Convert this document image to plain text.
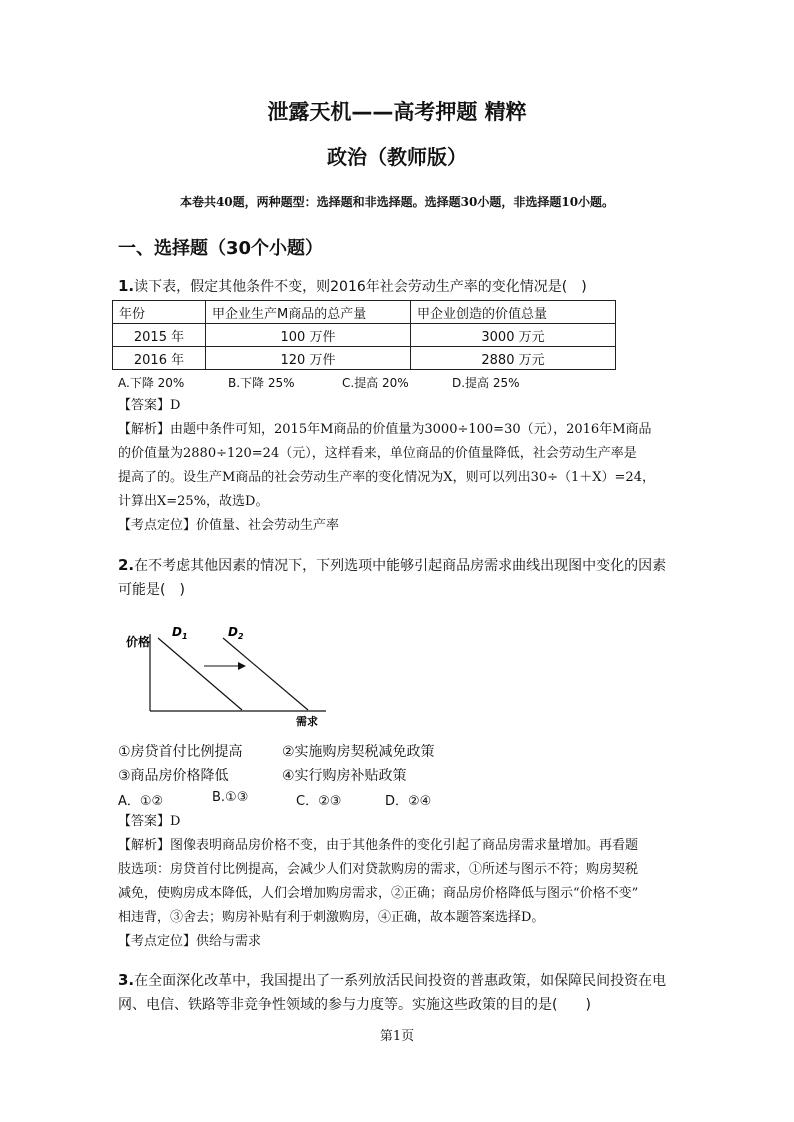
泄露天机——高考押题 精粹
政治（教师版）
本卷共40题，两种题型：选择题和非选择题。选择题30小题，非选择题10小题。
一、选择题（30个小题）
1.读下表，假定其他条件不变，则2016年社会劳动生产率的变化情况是(　)
年份	甲企业生产M商品的总产量	甲企业创造的价值总量
2015 年	100 万件	3000 万元
2016 年	120 万件	2880 万元
A.下降 20%	B.下降 25%	C.提高 20%	D.提高 25%
【答案】D
【解析】由题中条件可知，2015年M商品的价值量为3000÷100=30（元），2016年M商品
的价值量为2880÷120=24（元），这样看来，单位商品的价值量降低，社会劳动生产率是
提高了的。设生产M商品的社会劳动生产率的变化情况为X，则可以列出30÷（1＋X）=24，
计算出X=25%，故选D。
【考点定位】价值量、社会劳动生产率
2.在不考虑其他因素的情况下，下列选项中能够引起商品房需求曲线出现图中变化的因素
可能是(　)
价格
需求
$D_1$	$D_2$
①房贷首付比例提高	②实施购房契税减免政策
③商品房价格降低	④实行购房补贴政策
A．①②	B.①③	C．②③	D．②④
【答案】D
【解析】图像表明商品房价格不变，由于其他条件的变化引起了商品房需求量增加。再看题
肢选项：房贷首付比例提高，会减少人们对贷款购房的需求，①所述与图示不符；购房契税
减免，使购房成本降低，人们会增加购房需求，②正确；商品房价格降低与图示“价格不变”
相违背，③舍去；购房补贴有利于刺激购房，④正确，故本题答案选择D。
【考点定位】供给与需求
3.在全面深化改革中，我国提出了一系列放活民间投资的普惠政策，如保障民间投资在电
网、电信、铁路等非竞争性领域的参与力度等。实施这些政策的目的是(　　)
第1页
